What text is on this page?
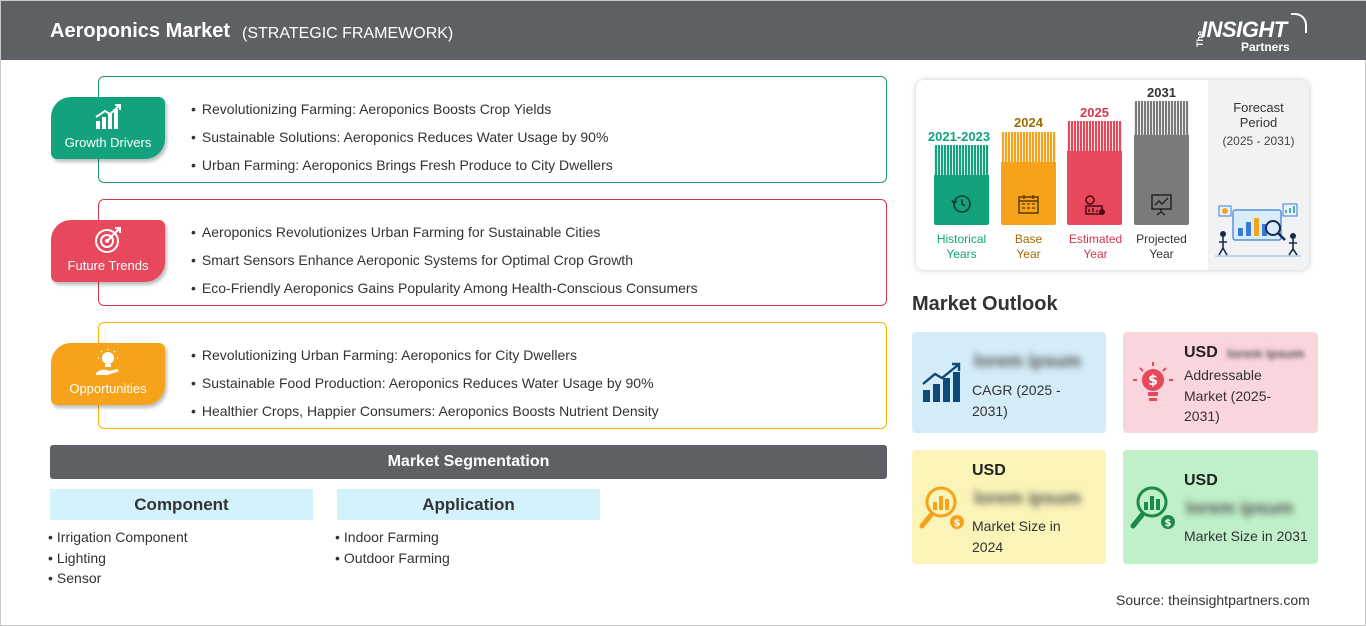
Aeroponics Market (STRATEGIC FRAMEWORK)	The
INSIGHT
Partners
• Revolutionizing Farming: Aeroponics Boosts Crop Yields
• Sustainable Solutions: Aeroponics Reduces Water Usage by 90%
• Urban Farming: Aeroponics Brings Fresh Produce to City Dwellers
Growth Drivers
• Aeroponics Revolutionizes Urban Farming for Sustainable Cities
• Smart Sensors Enhance Aeroponic Systems for Optimal Crop Growth
• Eco-Friendly Aeroponics Gains Popularity Among Health-Conscious Consumers
Future Trends
• Revolutionizing Urban Farming: Aeroponics for City Dwellers
• Sustainable Food Production: Aeroponics Reduces Water Usage by 90%
• Healthier Crops, Happier Consumers: Aeroponics Boosts Nutrient Density
Opportunities
Market Segmentation
Component	Application
• Irrigation Component
• Lighting
• Sensor
• Indoor Farming
• Outdoor Farming
2021-2023
Historical
Years
2024
Base
Year
2025
Estimated
Year
2031
Projected
Year
Forecast
Period
(2025 - 2031)
Market Outlook
lorem ipsum
CAGR (2025 - 2031)
$
USD lorem ipsum
Addressable Market (2025-2031)
$
USD
lorem ipsum
Market Size in 2024
$
USD
lorem ipsum
Market Size in 2031
Source: theinsightpartners.com
